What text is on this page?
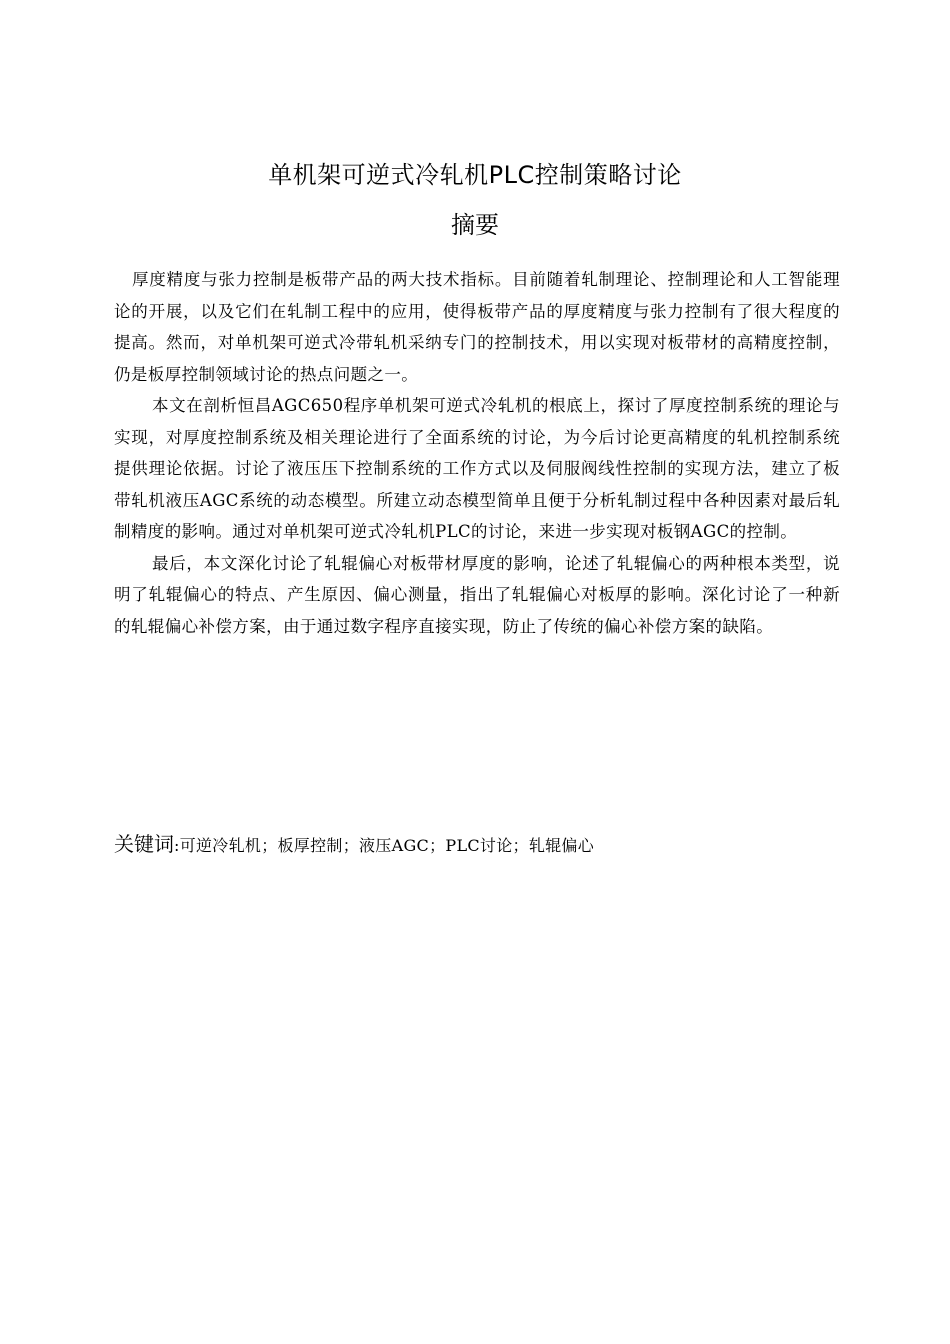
单机架可逆式冷轧机PLC控制策略讨论
摘要

厚度精度与张力控制是板带产品的两大技术指标。目前随着轧制理论、控制理论和人工智能理论的开展，以及它们在轧制工程中的应用，使得板带产品的厚度精度与张力控制有了很大程度的提高。然而，对单机架可逆式冷带轧机采纳专门的控制技术，用以实现对板带材的高精度控制，仍是板厚控制领域讨论的热点问题之一。

本文在剖析恒昌AGC650程序单机架可逆式冷轧机的根底上，探讨了厚度控制系统的理论与实现，对厚度控制系统及相关理论进行了全面系统的讨论，为今后讨论更高精度的轧机控制系统提供理论依据。讨论了液压压下控制系统的工作方式以及伺服阀线性控制的实现方法，建立了板带轧机液压AGC系统的动态模型。所建立动态模型简单且便于分析轧制过程中各种因素对最后轧制精度的影响。通过对单机架可逆式冷轧机PLC的讨论，来进一步实现对板钢AGC的控制。

最后，本文深化讨论了轧辊偏心对板带材厚度的影响，论述了轧辊偏心的两种根本类型，说明了轧辊偏心的特点、产生原因、偏心测量，指出了轧辊偏心对板厚的影响。深化讨论了一种新的轧辊偏心补偿方案，由于通过数字程序直接实现，防止了传统的偏心补偿方案的缺陷。

关键词:可逆冷轧机；板厚控制；液压AGC；PLC讨论；轧辊偏心
